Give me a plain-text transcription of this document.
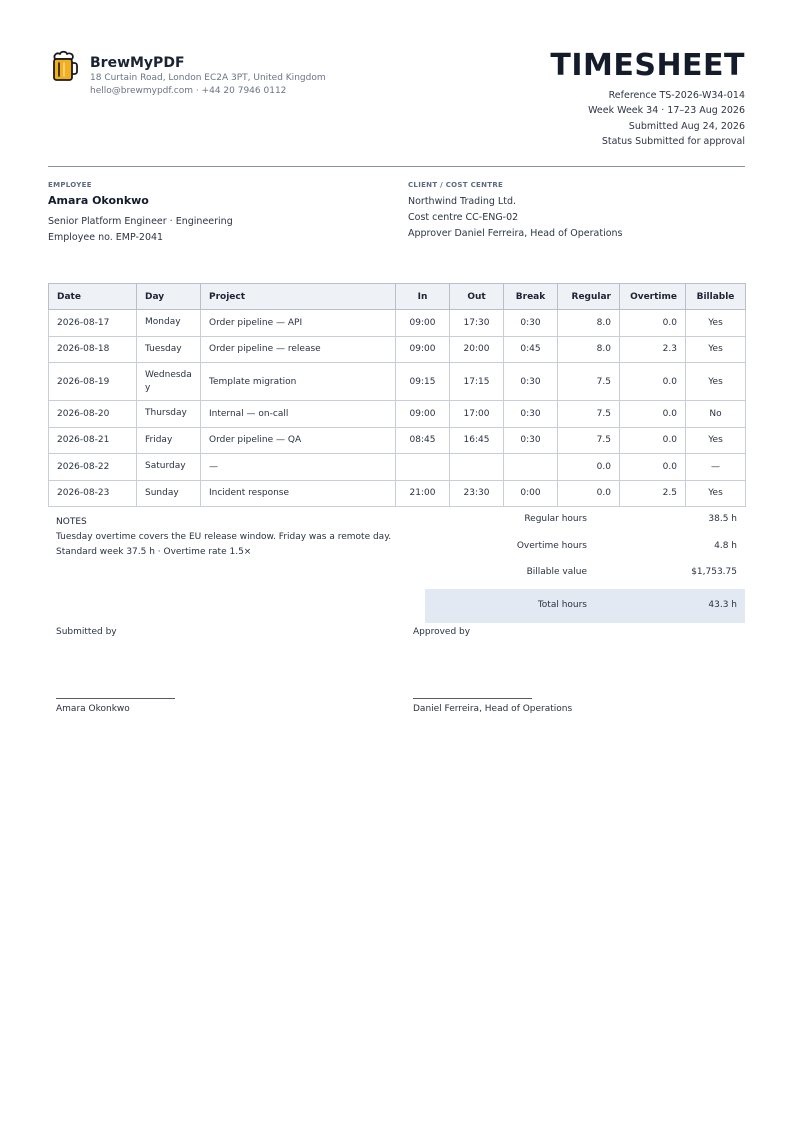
BrewMyPDF
18 Curtain Road, London EC2A 3PT, United Kingdom
hello@brewmypdf.com · +44 20 7946 0112
TIMESHEET
Reference TS-2026-W34-014
Week Week 34 · 17–23 Aug 2026
Submitted Aug 24, 2026
Status Submitted for approval
EMPLOYEE
Amara Okonkwo
Senior Platform Engineer · Engineering
Employee no. EMP-2041
CLIENT / COST CENTRE
Northwind Trading Ltd.
Cost centre CC-ENG-02
Approver Daniel Ferreira, Head of Operations
Date	Day	Project	In	Out	Break	Regular	Overtime	Billable
2026-08-17	Monday	Order pipeline — API	09:00	17:30	0:30	8.0	0.0	Yes
2026-08-18	Tuesday	Order pipeline — release	09:00	20:00	0:45	8.0	2.3	Yes
2026-08-19	Wednesday	Template migration	09:15	17:15	0:30	7.5	0.0	Yes
2026-08-20	Thursday	Internal — on-call	09:00	17:00	0:30	7.5	0.0	No
2026-08-21	Friday	Order pipeline — QA	08:45	16:45	0:30	7.5	0.0	Yes
2026-08-22	Saturday	—				0.0	0.0	—
2026-08-23	Sunday	Incident response	21:00	23:30	0:00	0.0	2.5	Yes
NOTES
Tuesday overtime covers the EU release window. Friday was a remote day.
Standard week 37.5 h · Overtime rate 1.5×
Regular hours	38.5 h
Overtime hours	4.8 h
Billable value	$1,753.75
Total hours	43.3 h
Submitted by
Amara Okonkwo
Approved by
Daniel Ferreira, Head of Operations
